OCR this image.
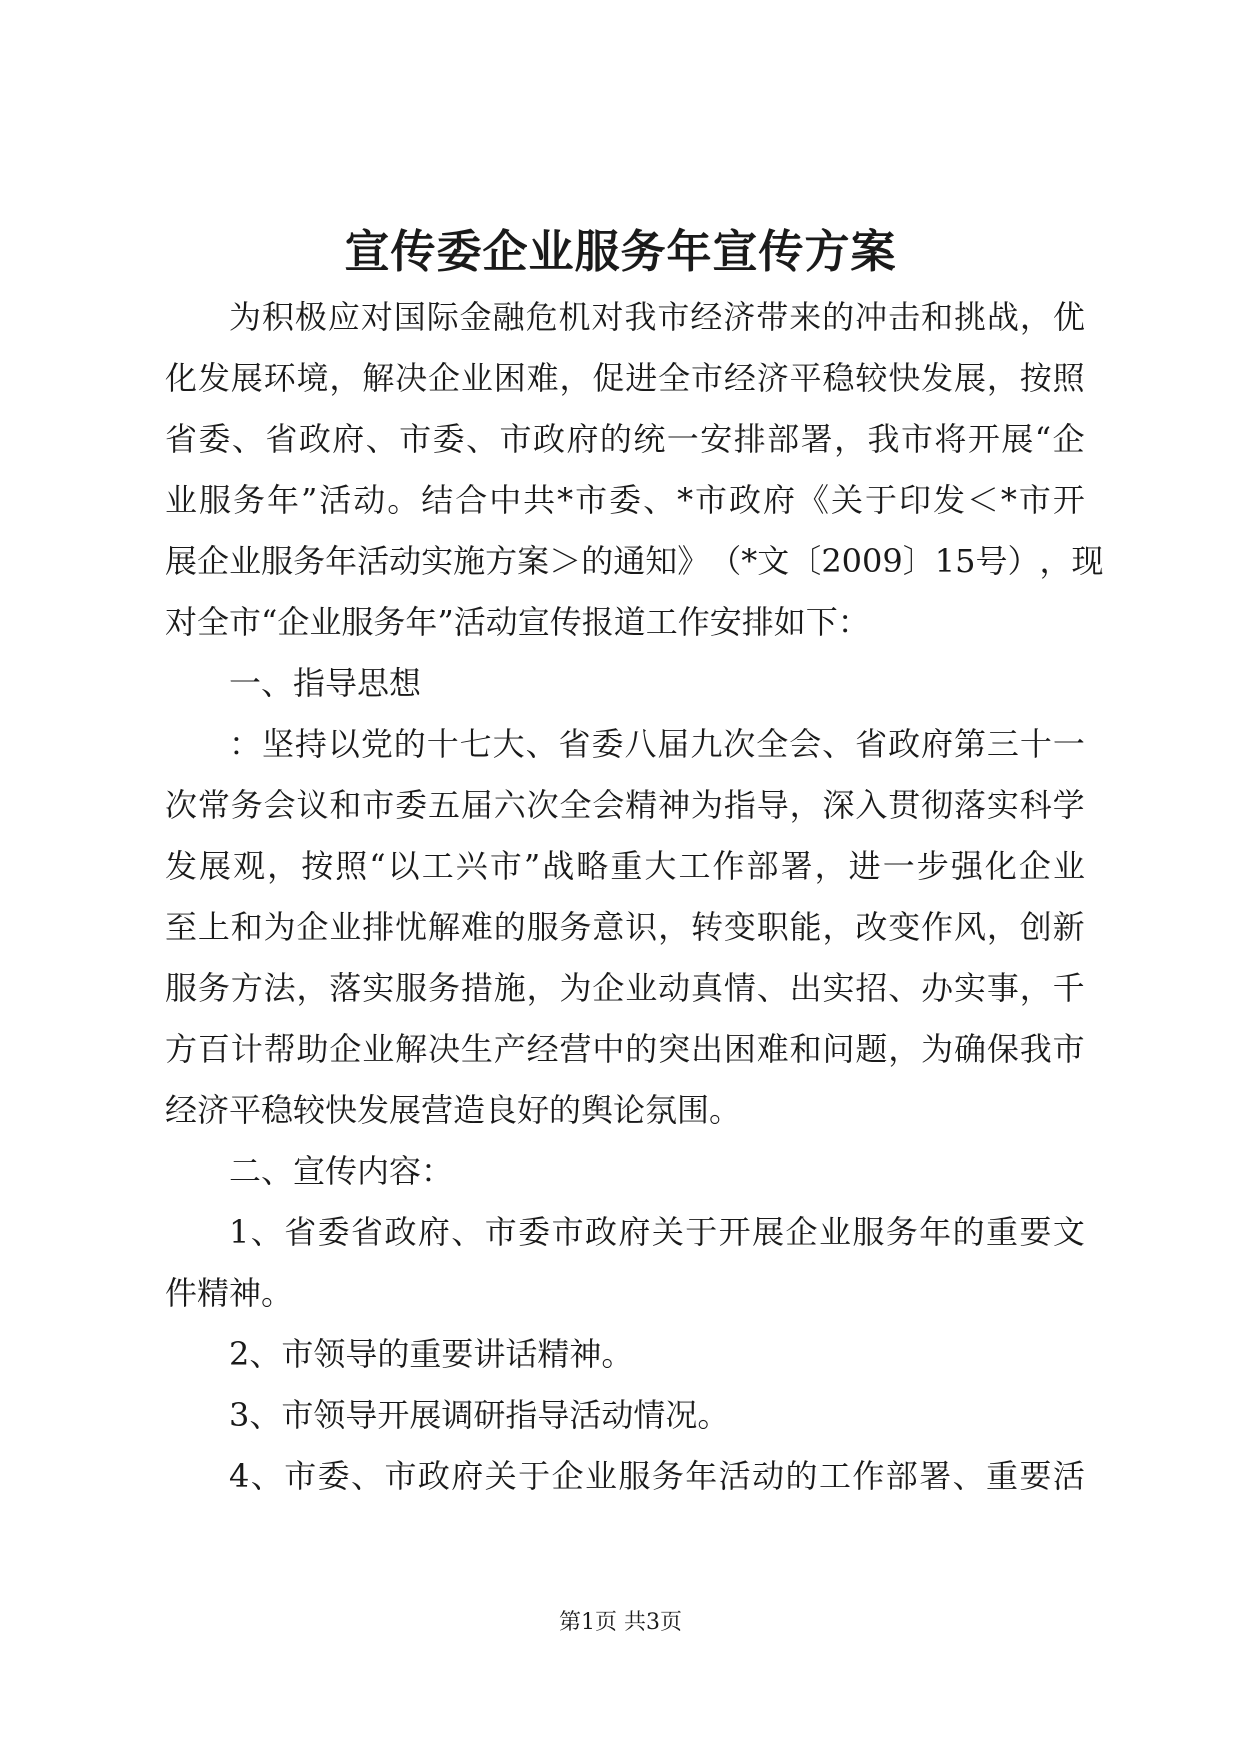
宣传委企业服务年宣传方案
为 积 极 应 对 国 际 金 融 危 机 对 我 市 经 济 带 来 的 冲 击 和 挑 战 ， 优
化 发 展 环 境 ， 解 决 企 业 困 难 ， 促 进 全 市 经 济 平 稳 较 快 发 展 ， 按 照
省 委 、 省 政 府 、 市 委 、 市 政 府 的 统 一 安 排 部 署 ， 我 市 将 开 展 “ 企
业 服 务 年 ” 活 动 。 结 合 中 共 * 市 委 、 * 市 政 府 《 关 于 印 发 ＜ * 市 开
展 企 业 服 务 年 活 动 实 施 方 案 ＞ 的 通 知 》 （ * 文 〔 2 0 0 9 〕 1 5 号 ） ， 现
对全市“企业服务年”活动宣传报道工作安排如下：
一、指导思想
： 坚 持 以 党 的 十 七 大 、 省 委 八 届 九 次 全 会 、 省 政 府 第 三 十 一
次 常 务 会 议 和 市 委 五 届 六 次 全 会 精 神 为 指 导 ， 深 入 贯 彻 落 实 科 学
发 展 观 ， 按 照 “ 以 工 兴 市 ” 战 略 重 大 工 作 部 署 ， 进 一 步 强 化 企 业
至 上 和 为 企 业 排 忧 解 难 的 服 务 意 识 ， 转 变 职 能 ， 改 变 作 风 ， 创 新
服 务 方 法 ， 落 实 服 务 措 施 ， 为 企 业 动 真 情 、 出 实 招 、 办 实 事 ， 千
方 百 计 帮 助 企 业 解 决 生 产 经 营 中 的 突 出 困 难 和 问 题 ， 为 确 保 我 市
经济平稳较快发展营造良好的舆论氛围。
二、宣传内容：
1 、 省 委 省 政 府 、 市 委 市 政 府 关 于 开 展 企 业 服 务 年 的 重 要 文
件精神。
2、市领导的重要讲话精神。
3、市领导开展调研指导活动情况。
4 、 市 委 、 市 政 府 关 于 企 业 服 务 年 活 动 的 工 作 部 署 、 重 要 活
第1页 共3页
